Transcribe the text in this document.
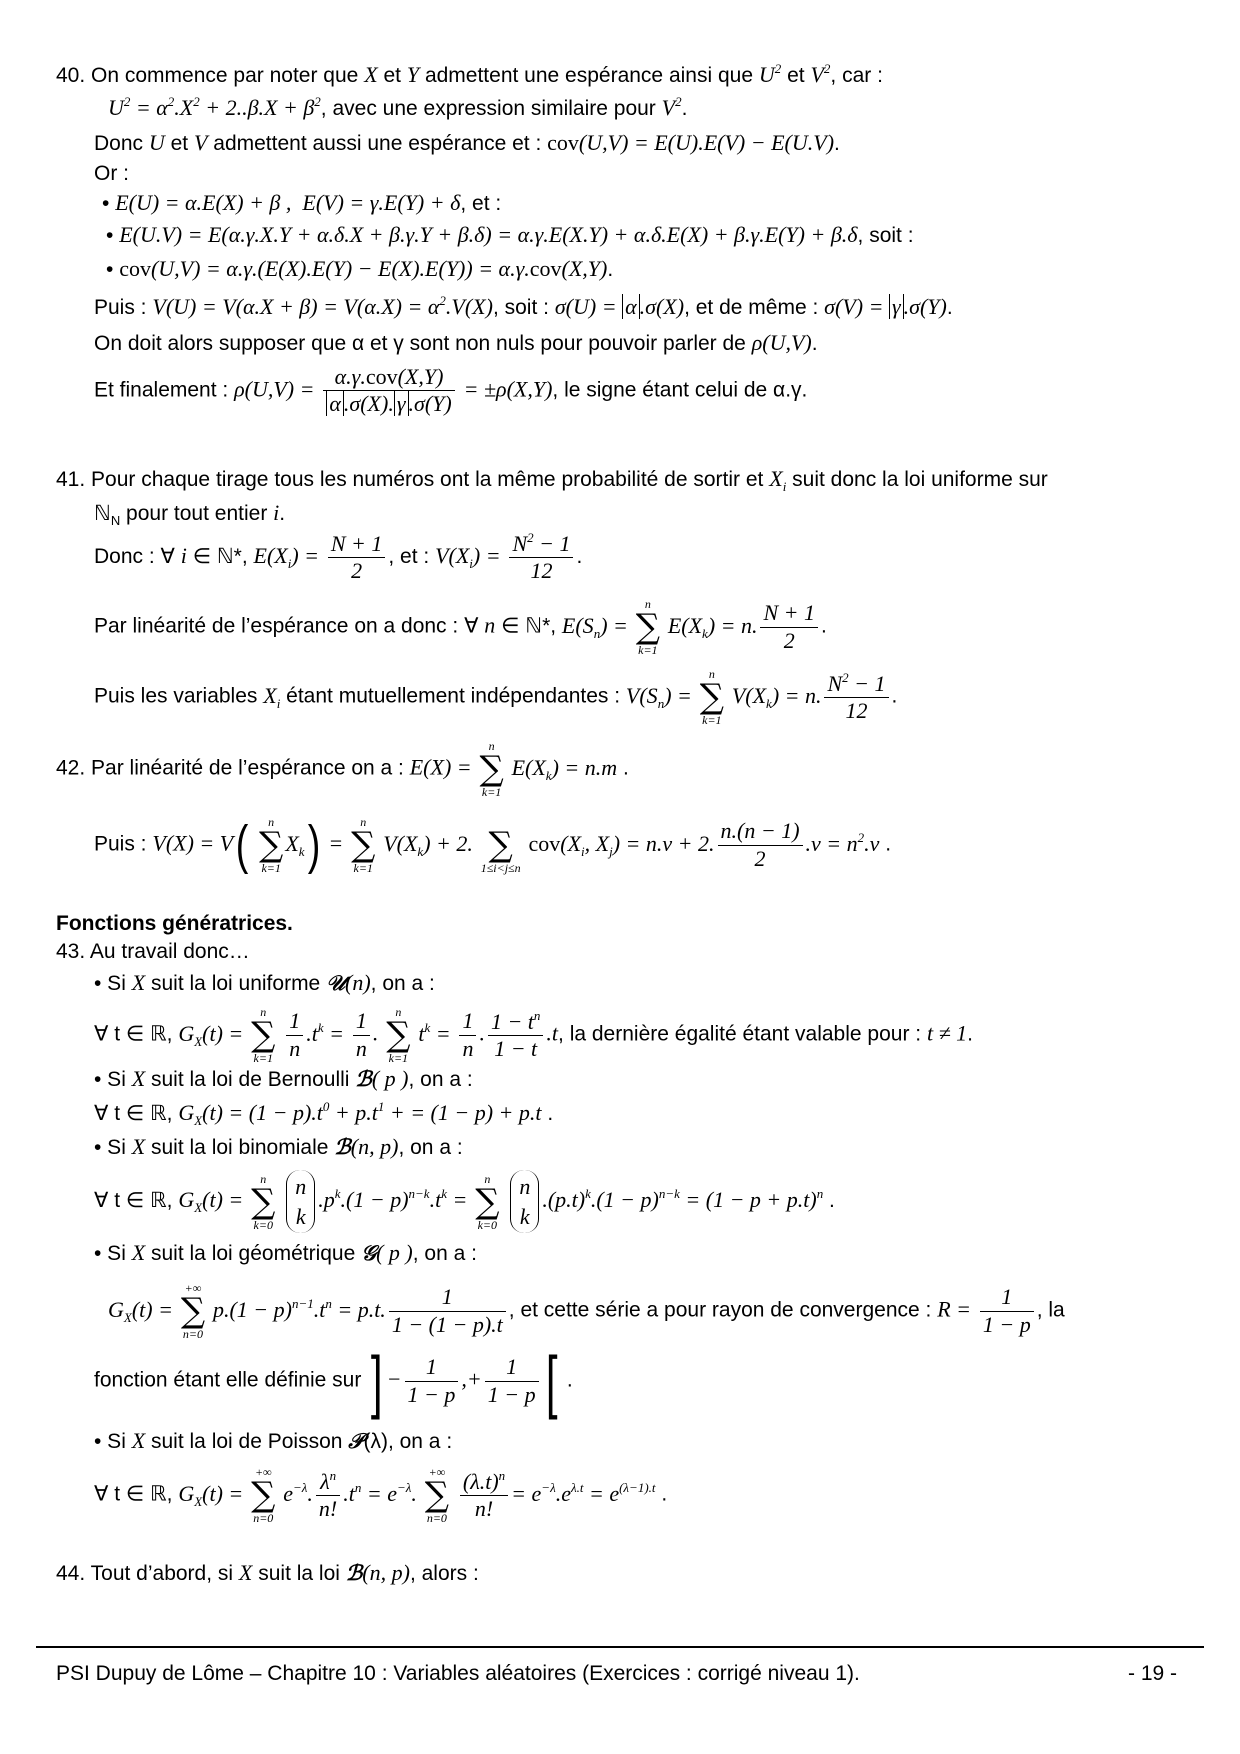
40. On commence par noter que X et Y admettent une espérance ainsi que $U^2$ et $V^2$, car :
$U^2 = \alpha^2.X^2 + 2..\beta.X + \beta^2$, avec une expression similaire pour $V^2$.
Donc U et V admettent aussi une espérance et : cov(U,V) = E(U).E(V) − E(U.V).
Or :
• E(U) = α.E(X) + β ,  E(V) = γ.E(Y) + δ, et :
• E(U.V) = E(α.γ.X.Y + α.δ.X + β.γ.Y + β.δ) = α.γ.E(X.Y) + α.δ.E(X) + β.γ.E(Y) + β.δ, soit :
• cov(U,V) = α.γ.(E(X).E(Y) − E(X).E(Y)) = α.γ.cov(X,Y).
Puis : $V(U) = V(\alpha.X + \beta) = V(\alpha.X) = \alpha^2.V(X)$, soit : σ(U) = α .σ(X), et de même : σ(V) = γ .σ(Y).
On doit alors supposer que α et γ sont non nuls pour pouvoir parler de ρ(U,V).
Et finalement : $\rho(U,V) = \frac{\text{α.γ.cov(X,Y)}}{\alpha .\sigma(X). \gamma .\sigma(Y)} = \pm\rho(X,Y)$, le signe étant celui de α.γ.
41. Pour chaque tirage tous les numéros ont la même probabilité de sortir et $X_i$ suit donc la loi uniforme sur
ℕ$_N$ pour tout entier i.
Donc : ∀ i ∈ ℕ*, $E(X_i) = \frac{N + 1}{2}$ , et : $V(X_i) = \frac{N^2 - 1}{12}$ .
Par linéarité de l’espérance on a donc : ∀ n ∈ ℕ*, $E(S_n)$ =
n
∑
k=1
$E(X_k) = n$. $\frac{N + 1}{2}$ .
Puis les variables $X_i$ étant mutuellement indépendantes : $V(S_n)$ =
n
∑
k=1
$V(X_k) = n$. $\frac{N^2 - 1}{12}$ .
42. Par linéarité de l’espérance on a : E(X) =
n
∑
k=1
$E(X_k) = n.m$ .
Puis : V(X) = V(	n
∑
k=1
$X_k$) =
n
∑
k=1
$V(X_k) + 2$.
∑
1≤i<j≤n
$cov(X_i$, $X_j) = n.v + 2$. $\frac{n.(n - 1)}{2} .v = n^2.v$ .
Fonctions génératrices.
43. Au travail donc…
• Si X suit la loi uniforme 𝒰(n), on a :
∀ t ∈ ℝ, $G_X(t)$ =
n
∑
k=1
$\frac{1}{n} .t^k = \frac{1}{n}$ .
n
∑
k=1
$t^k = \frac{1}{n}$ . $\frac{1 - t^n}{1 - t} .t$, la dernière égalité étant valable pour : t ≠ 1.
• Si X suit la loi de Bernoulli ℬ( p ), on a :
∀ t ∈ ℝ, $G_X(t) = (1 - p).t^0 + p.t^1$ + = (1 − p) + p.t .
• Si X suit la loi binomiale ℬ(n, p), on a :
∀ t ∈ ℝ, $G_X(t)$ =
n
∑
k=0
n
$k.p^k.(1 - p)^{n-k}.t^k$ =
n
∑
k=0
n
$k.(p.t)^k.(1 - p)^{n-k} = (1 - p + p.t)^n$ .
• Si X suit la loi géométrique 𝒢( p ), on a :
$G_X(t)$ =
+∞
∑
n=0
$p.(1 - p)^{n-1}.t^n = p.t$. $\frac{1}{1 - (1 - p).t}$ , et cette série a pour rayon de convergence : $R = \frac{1}{1 - p}$ , la
fonction étant elle définie sur ] − $\frac{1}{1 - p}$ ,+ $\frac{1}{1 - p}$ [ .
• Si X suit la loi de Poisson 𝒫(λ), on a :
∀ t ∈ ℝ, $G_X(t)$ =
+∞
∑
n=0
$e^{-\lambda}$. $\frac{\lambda^n}{n!} .t^n = e^{-\lambda}$.
+∞
∑
n=0
$\frac{(\lambda.t)^n}{n!} = e^{-\lambda}.e^{\lambda.t} = e^{(\lambda-1).t}$ .
44. Tout d’abord, si X suit la loi ℬ(n, p), alors :
PSI Dupuy de Lôme – Chapitre 10 : Variables aléatoires (Exercices : corrigé niveau 1).	- 19 -
